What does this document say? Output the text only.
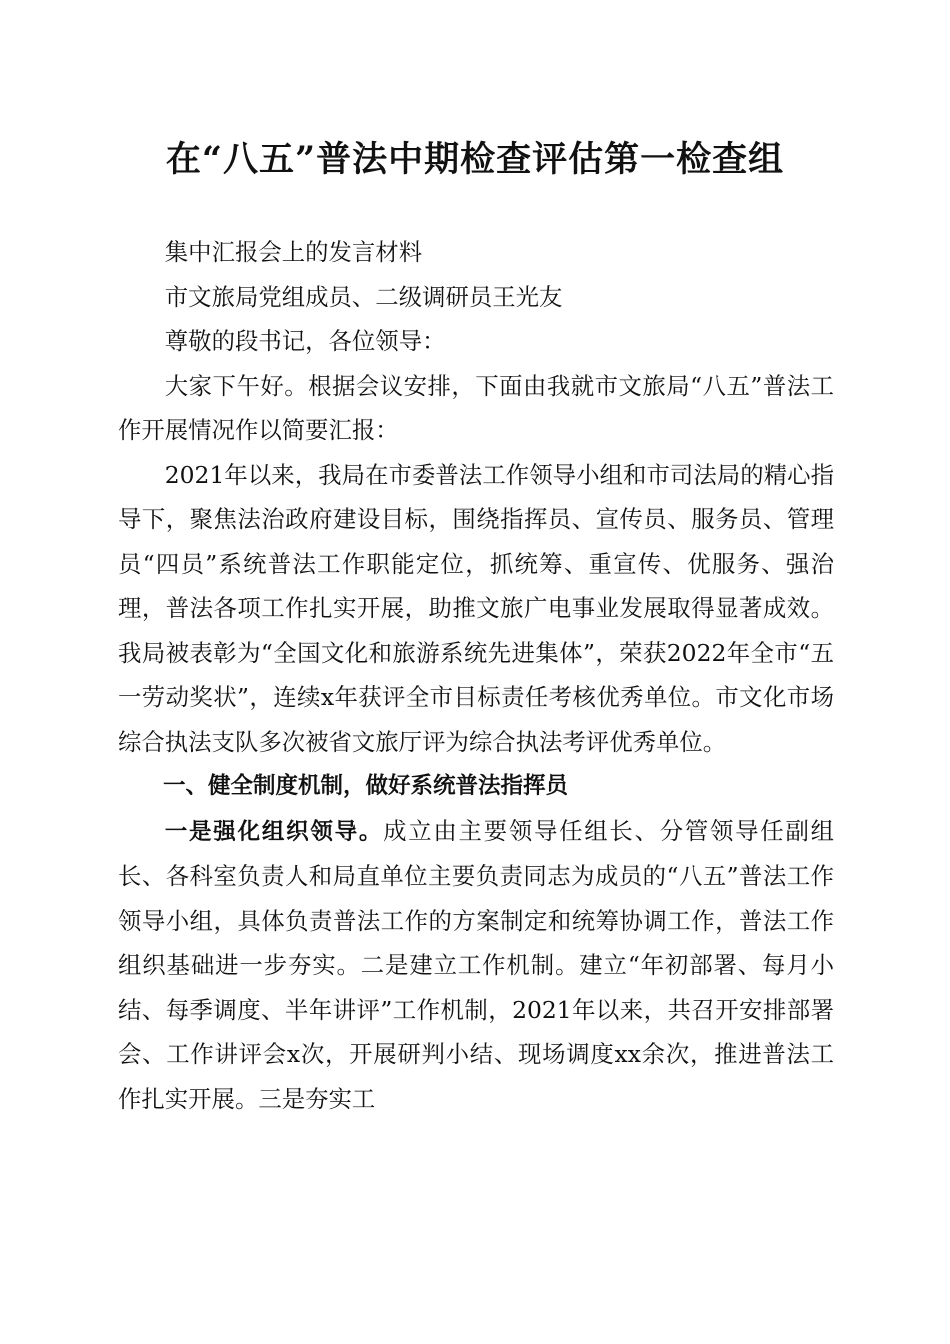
在“八五”普法中期检查评估第一检查组

集中汇报会上的发言材料

市文旅局党组成员、二级调研员王光友

尊敬的段书记，各位领导：

大家下午好。根据会议安排，下面由我就市文旅局“八五”普法工作开展情况作以简要汇报：

2021年以来，我局在市委普法工作领导小组和市司法局的精心指导下，聚焦法治政府建设目标，围绕指挥员、宣传员、服务员、管理员“四员”系统普法工作职能定位，抓统筹、重宣传、优服务、强治理，普法各项工作扎实开展，助推文旅广电事业发展取得显著成效。我局被表彰为“全国文化和旅游系统先进集体”，荣获2022年全市“五一劳动奖状”，连续x年获评全市目标责任考核优秀单位。市文化市场综合执法支队多次被省文旅厅评为综合执法考评优秀单位。

一、健全制度机制，做好系统普法指挥员

一是强化组织领导。成立由主要领导任组长、分管领导任副组长、各科室负责人和局直单位主要负责同志为成员的“八五”普法工作领导小组，具体负责普法工作的方案制定和统筹协调工作，普法工作组织基础进一步夯实。二是建立工作机制。建立“年初部署、每月小结、每季调度、半年讲评”工作机制，2021年以来，共召开安排部署会、工作讲评会x次，开展研判小结、现场调度xx余次，推进普法工作扎实开展。三是夯实工
